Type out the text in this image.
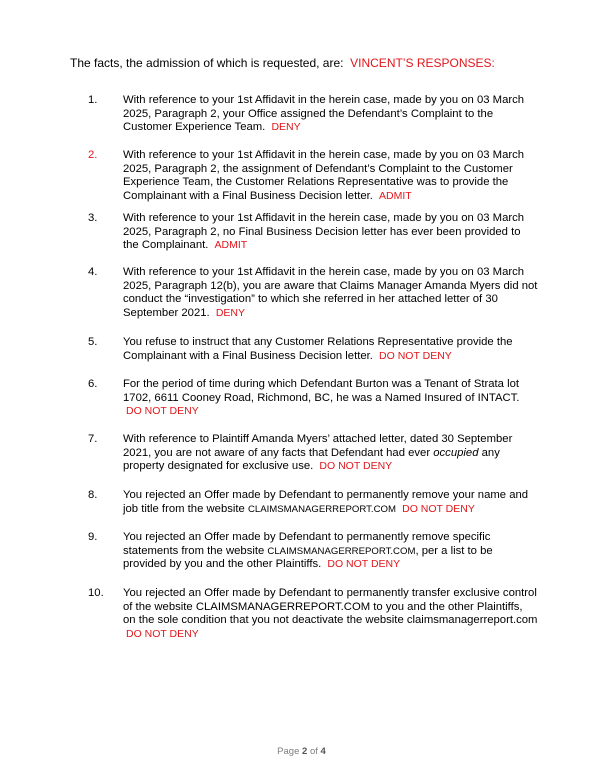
The facts, the admission of which is requested, are: VINCENT’S RESPONSES:
1.	With reference to your 1st Affidavit in the herein case, made by you on 03 March 2025, Paragraph 2, your Office assigned the Defendant’s Complaint to the Customer Experience Team. DENY
2.	With reference to your 1st Affidavit in the herein case, made by you on 03 March 2025, Paragraph 2, the assignment of Defendant’s Complaint to the Customer Experience Team, the Customer Relations Representative was to provide the Complainant with a Final Business Decision letter. ADMIT
3.	With reference to your 1st Affidavit in the herein case, made by you on 03 March 2025, Paragraph 2, no Final Business Decision letter has ever been provided to the Complainant. ADMIT
4.	With reference to your 1st Affidavit in the herein case, made by you on 03 March 2025, Paragraph 12(b), you are aware that Claims Manager Amanda Myers did not conduct the “investigation” to which she referred in her attached letter of 30 September 2021. DENY
5.	You refuse to instruct that any Customer Relations Representative provide the Complainant with a Final Business Decision letter. DO NOT DENY
6.	For the period of time during which Defendant Burton was a Tenant of Strata lot 1702, 6611 Cooney Road, Richmond, BC, he was a Named Insured of INTACT. DO NOT DENY
7.	With reference to Plaintiff Amanda Myers’ attached letter, dated 30 September 2021, you are not aware of any facts that Defendant had ever occupied any property designated for exclusive use. DO NOT DENY
8.	You rejected an Offer made by Defendant to permanently remove your name and job title from the website CLAIMSMANAGERREPORT.COM DO NOT DENY
9.	You rejected an Offer made by Defendant to permanently remove specific statements from the website CLAIMSMANAGERREPORT.COM, per a list to be provided by you and the other Plaintiffs. DO NOT DENY
10.	You rejected an Offer made by Defendant to permanently transfer exclusive control of the website CLAIMSMANAGERREPORT.COM to you and the other Plaintiffs, on the sole condition that you not deactivate the website claimsmanagerreport.com DO NOT DENY
Page 2 of 4
